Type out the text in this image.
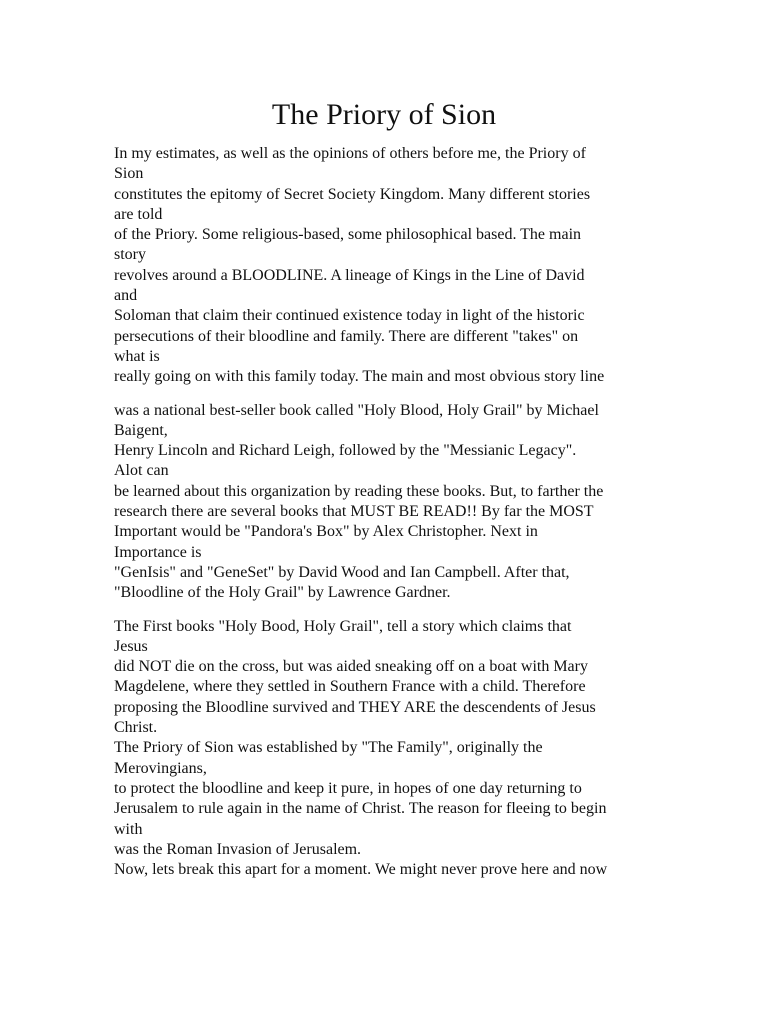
The Priory of Sion
In my estimates, as well as the opinions of others before me, the Priory of
Sion
constitutes the epitomy of Secret Society Kingdom. Many different stories
are told
of the Priory. Some religious-based, some philosophical based. The main
story
revolves around a BLOODLINE. A lineage of Kings in the Line of David
and
Soloman that claim their continued existence today in light of the historic
persecutions of their bloodline and family. There are different "takes" on
what is
really going on with this family today. The main and most obvious story line
was a national best-seller book called "Holy Blood, Holy Grail" by Michael
Baigent,
Henry Lincoln and Richard Leigh, followed by the "Messianic Legacy".
Alot can
be learned about this organization by reading these books. But, to farther the
research there are several books that MUST BE READ!! By far the MOST
Important would be "Pandora's Box" by Alex Christopher. Next in
Importance is
"GenIsis" and "GeneSet" by David Wood and Ian Campbell. After that,
"Bloodline of the Holy Grail" by Lawrence Gardner.
The First books "Holy Bood, Holy Grail", tell a story which claims that
Jesus
did NOT die on the cross, but was aided sneaking off on a boat with Mary
Magdelene, where they settled in Southern France with a child. Therefore
proposing the Bloodline survived and THEY ARE the descendents of Jesus
Christ.
The Priory of Sion was established by "The Family", originally the
Merovingians,
to protect the bloodline and keep it pure, in hopes of one day returning to
Jerusalem to rule again in the name of Christ. The reason for fleeing to begin
with
was the Roman Invasion of Jerusalem.
Now, lets break this apart for a moment. We might never prove here and now
